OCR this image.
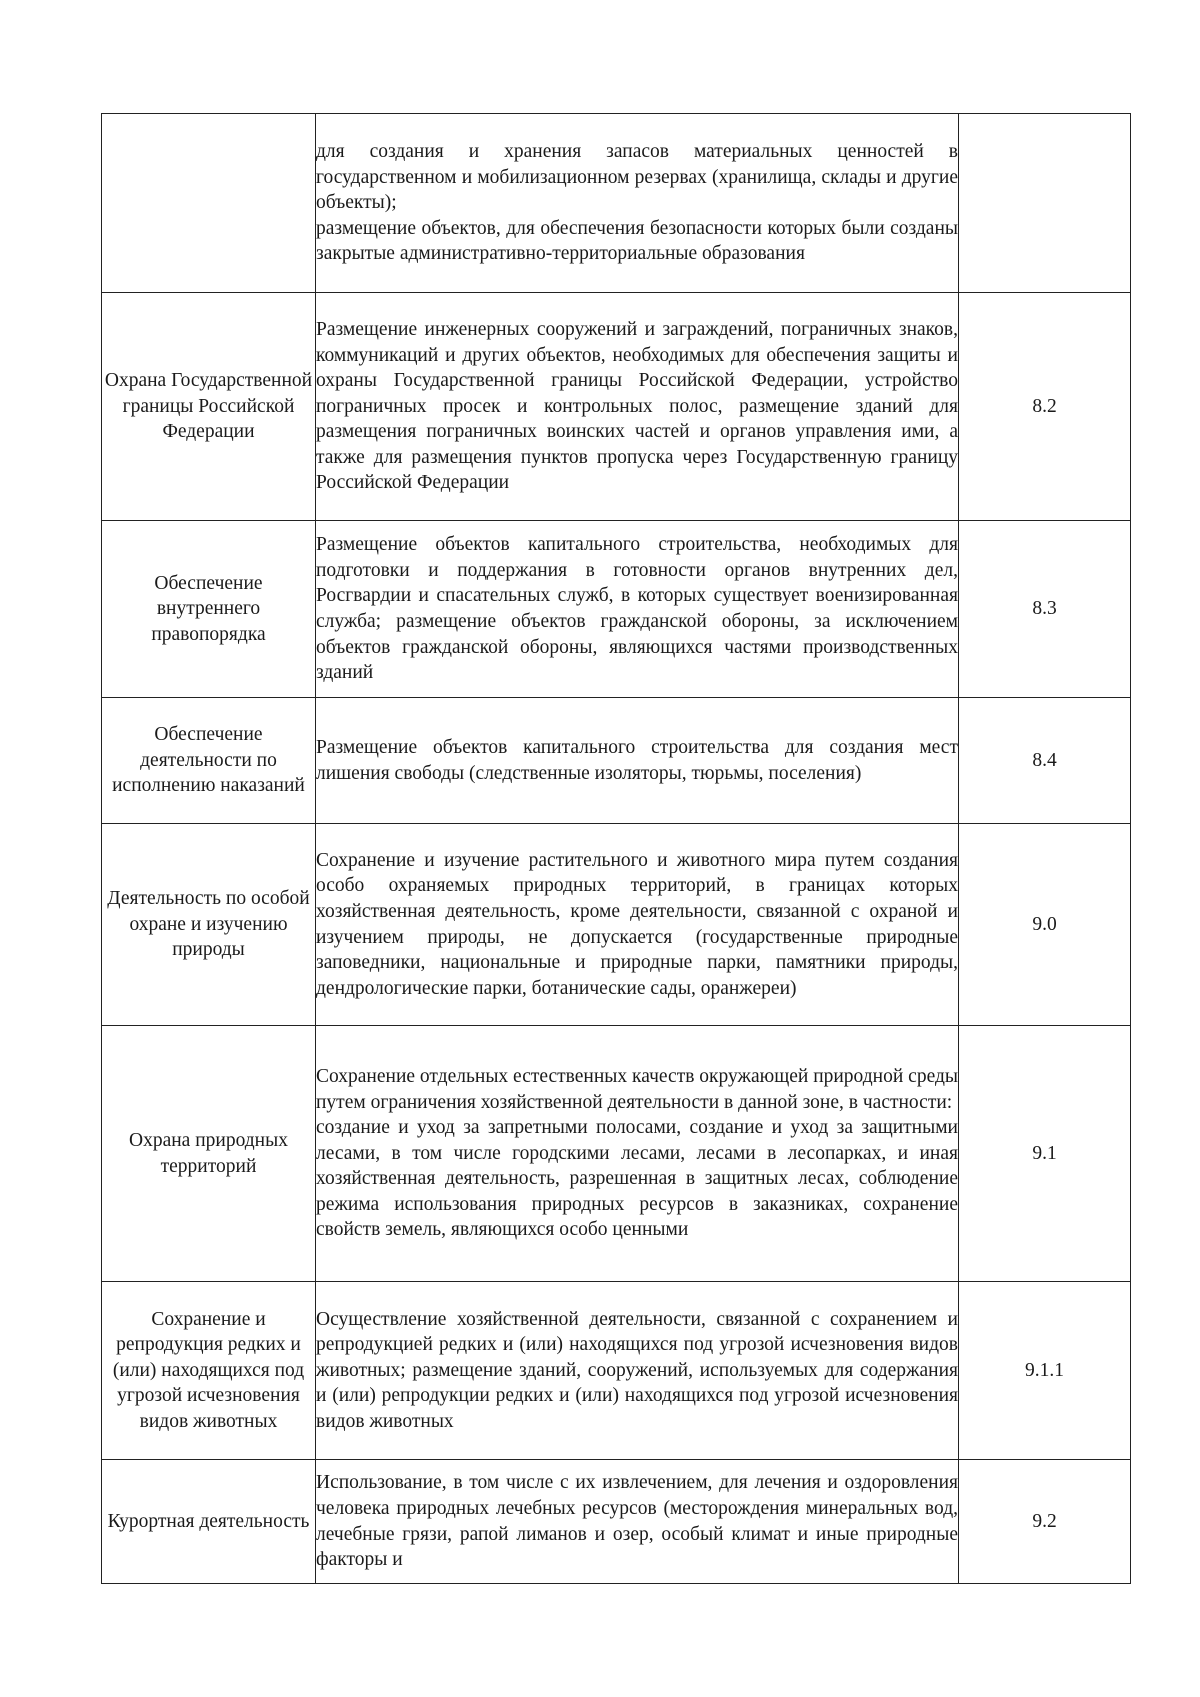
	для создания и хранения запасов материальных ценностей в государственном и мобилизационном резервах (хранилища, склады и другие объекты);
размещение объектов, для обеспечения безопасности которых были созданы закрытые административно-территориальные образования	

Охрана Государственной границы Российской Федерации	Размещение инженерных сооружений и заграждений, пограничных знаков, коммуникаций и других объектов, необходимых для обеспечения защиты и охраны Государственной границы Российской Федерации, устройство пограничных просек и контрольных полос, размещение зданий для размещения пограничных воинских частей и органов управления ими, а также для размещения пунктов пропуска через Государственную границу Российской Федерации	8.2
Обеспечение внутреннего правопорядка	Размещение объектов капитального строительства, необходимых для подготовки и поддержания в готовности органов внутренних дел, Росгвардии и спасательных служб, в которых существует военизированная служба; размещение объектов гражданской обороны, за исключением объектов гражданской обороны, являющихся частями производственных зданий	8.3
Обеспечение деятельности по исполнению наказаний	Размещение объектов капитального строительства для создания мест лишения свободы (следственные изоляторы, тюрьмы, поселения)	8.4
Деятельность по особой охране и изучению природы	Сохранение и изучение растительного и животного мира путем создания особо охраняемых природных территорий, в границах которых хозяйственная деятельность, кроме деятельности, связанной с охраной и изучением природы, не допускается (государственные природные заповедники, национальные и природные парки, памятники природы, дендрологические парки, ботанические сады, оранжереи)	9.0
Охрана природных территорий	Сохранение отдельных естественных качеств окружающей природной среды путем ограничения хозяйственной деятельности в данной зоне, в частности:
создание и уход за запретными полосами, создание и уход за защитными лесами, в том числе городскими лесами, лесами в лесопарках, и иная хозяйственная деятельность, разрешенная в защитных лесах, соблюдение режима использования природных ресурсов в заказниках, сохранение свойств земель, являющихся особо ценными	9.1
Сохранение и репродукция редких и (или) находящихся под угрозой исчезновения видов животных	Осуществление хозяйственной деятельности, связанной с сохранением и репродукцией редких и (или) находящихся под угрозой исчезновения видов животных; размещение зданий, сооружений, используемых для содержания и (или) репродукции редких и (или) находящихся под угрозой исчезновения видов животных	9.1.1
Курортная деятельность	Использование, в том числе с их извлечением, для лечения и оздоровления человека природных лечебных ресурсов (месторождения минеральных вод, лечебные грязи, рапой лиманов и озер, особый климат и иные природные факторы и	9.2
